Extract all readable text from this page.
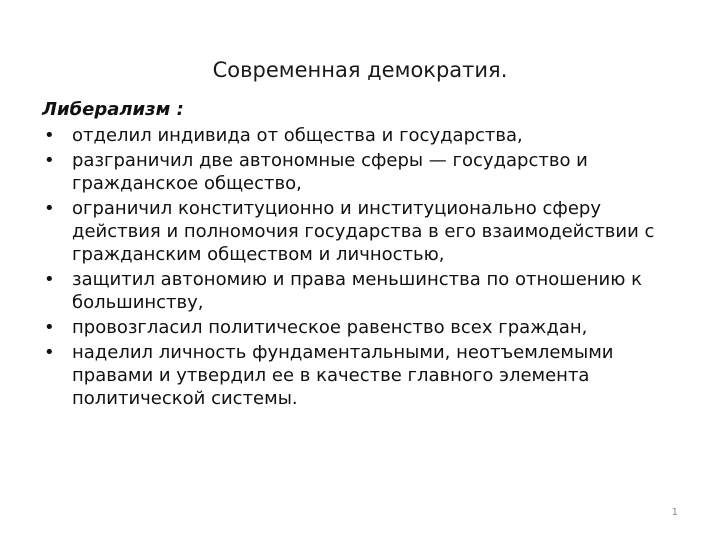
Современная демократия.
Либерализм :
• отделил индивида от общества и государства,
• разграничил две автономные сферы — государство и гражданское общество,
• ограничил конституционно и институционально сферу действия и полномочия государства в его взаимодействии с гражданским обществом и личностью,
• защитил автономию и права меньшинства по отношению к большинству,
• провозгласил политическое равенство всех граждан,
• наделил личность фундаментальными, неотъемлемыми правами и утвердил ее в качестве главного элемента политической системы.
1
